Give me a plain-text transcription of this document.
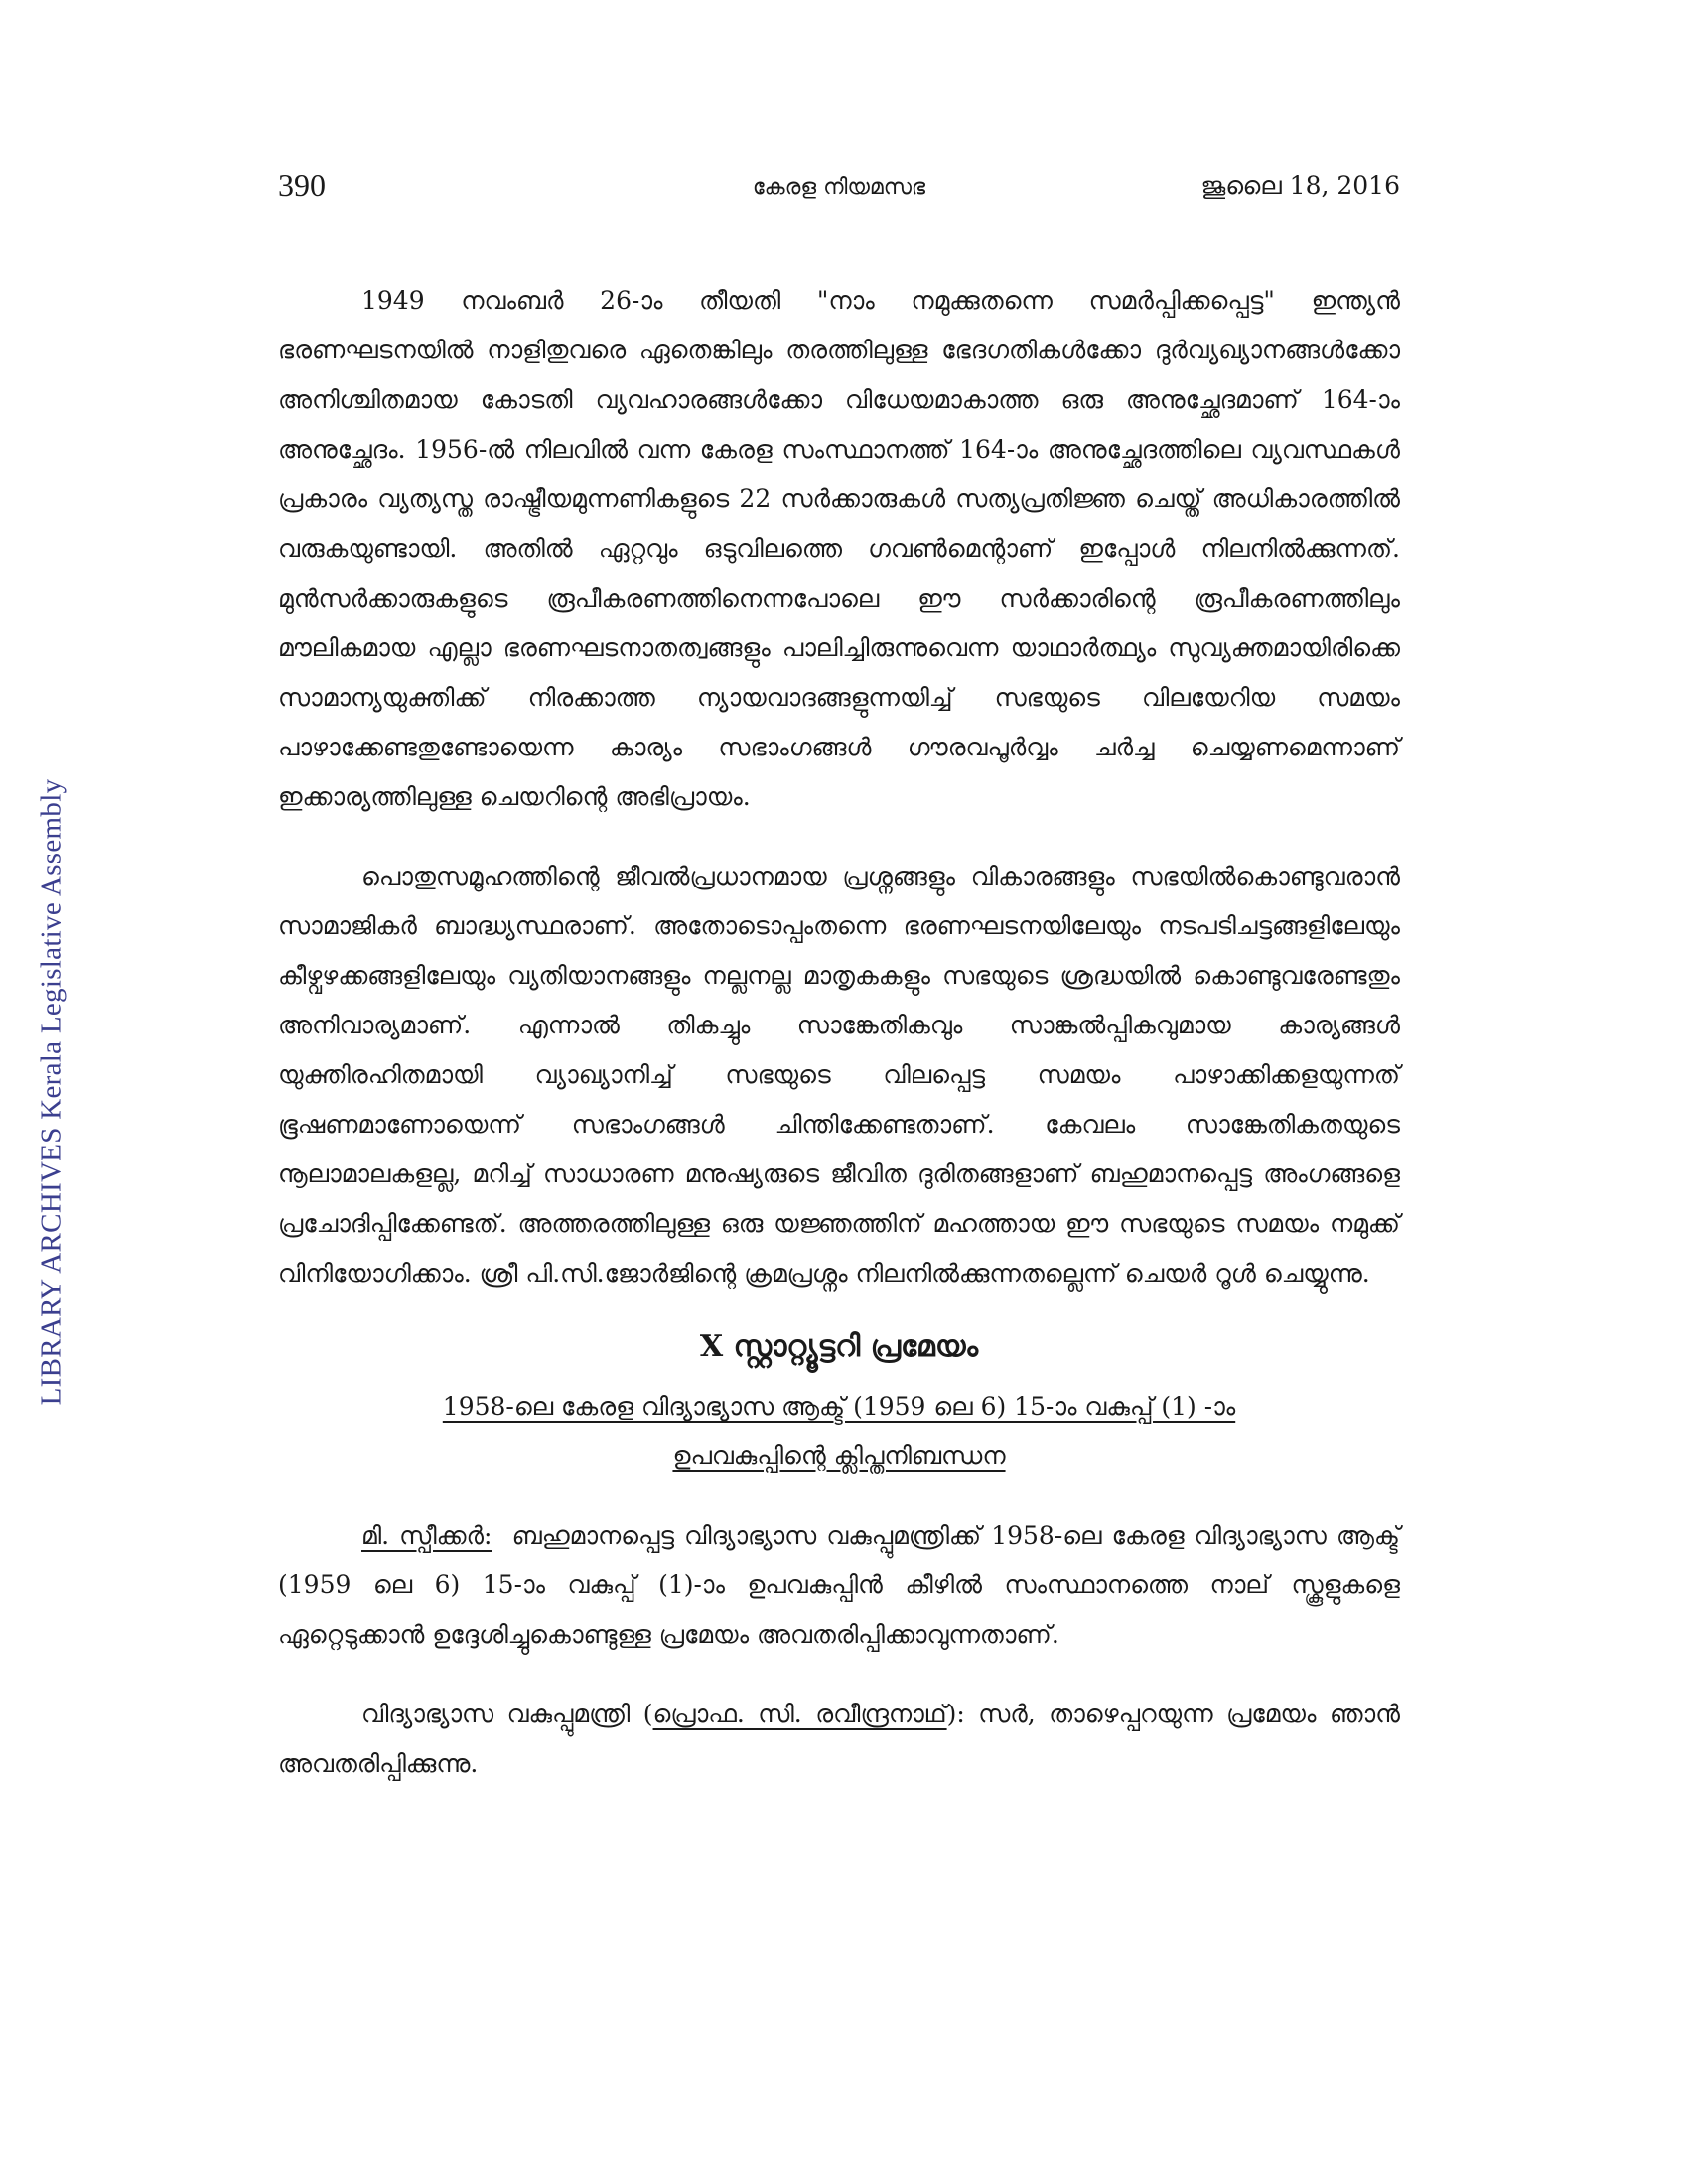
LIBRARY ARCHIVES Kerala Legislative Assembly
390	കേരള നിയമസഭ	ജൂലൈ 18, 2016

1949 നവംബർ 26-ാം തീയതി "നാം നമുക്കുതന്നെ സമർപ്പിക്കപ്പെട്ട" ഇന്ത്യൻ ഭരണഘടനയിൽ നാളിതുവരെ ഏതെങ്കിലും തരത്തിലുള്ള ഭേദഗതികൾക്കോ ദുർവ്യഖ്യാനങ്ങൾക്കോ അനിശ്ചിതമായ കോടതി വ്യവഹാരങ്ങൾക്കോ വിധേയമാകാത്ത ഒരു അനുച്ഛേദമാണ് 164-ാം അനുച്ഛേദം. 1956-ൽ നിലവിൽ വന്ന കേരള സംസ്ഥാനത്ത് 164-ാം അനുച്ഛേദത്തിലെ വ്യവസ്ഥകൾ പ്രകാരം വ്യത്യസ്ത രാഷ്ട്രീയമുന്നണികളുടെ 22 സർക്കാരുകൾ സത്യപ്രതിജ്ഞ ചെയ്ത് അധികാരത്തിൽ വരുകയുണ്ടായി. അതിൽ ഏറ്റവും ഒടുവിലത്തെ ഗവൺമെന്റാണ് ഇപ്പോൾ നിലനിൽക്കുന്നത്. മുൻസർക്കാരുകളുടെ രൂപീകരണത്തിനെന്നപോലെ ഈ സർക്കാരിന്റെ രൂപീകരണത്തിലും മൗലികമായ എല്ലാ ഭരണഘടനാതത്വങ്ങളും പാലിച്ചിരുന്നുവെന്ന യാഥാർത്ഥ്യം സുവ്യക്തമായിരിക്കെ സാമാന്യയുക്തിക്ക് നിരക്കാത്ത ന്യായവാദങ്ങളുന്നയിച്ച് സഭയുടെ വിലയേറിയ സമയം പാഴാക്കേണ്ടതുണ്ടോയെന്ന കാര്യം സഭാംഗങ്ങൾ ഗൗരവപൂർവ്വം ചർച്ച ചെയ്യണമെന്നാണ് ഇക്കാര്യത്തിലുള്ള ചെയറിന്റെ അഭിപ്രായം.

പൊതുസമൂഹത്തിന്റെ ജീവൽപ്രധാനമായ പ്രശ്നങ്ങളും വികാരങ്ങളും സഭയിൽകൊണ്ടുവരാൻ സാമാജികർ ബാദ്ധ്യസ്ഥരാണ്. അതോടൊപ്പംതന്നെ ഭരണഘടനയിലേയും നടപടിചട്ടങ്ങളിലേയും കീഴ്വഴക്കങ്ങളിലേയും വ്യതിയാനങ്ങളും നല്ലനല്ല മാതൃകകളും സഭയുടെ ശ്രദ്ധയിൽ കൊണ്ടുവരേണ്ടതും അനിവാര്യമാണ്. എന്നാൽ തികച്ചും സാങ്കേതികവും സാങ്കൽപ്പികവുമായ കാര്യങ്ങൾ യുക്തിരഹിതമായി വ്യാഖ്യാനിച്ച് സഭയുടെ വിലപ്പെട്ട സമയം പാഴാക്കിക്കളയുന്നത് ഭൂഷണമാണോയെന്ന് സഭാംഗങ്ങൾ ചിന്തിക്കേണ്ടതാണ്. കേവലം സാങ്കേതികതയുടെ നൂലാമാലകളല്ല, മറിച്ച് സാധാരണ മനുഷ്യരുടെ ജീവിത ദുരിതങ്ങളാണ് ബഹുമാനപ്പെട്ട അംഗങ്ങളെ പ്രചോദിപ്പിക്കേണ്ടത്. അത്തരത്തിലുള്ള ഒരു യജ്ഞത്തിന് മഹത്തായ ഈ സഭയുടെ സമയം നമുക്ക് വിനിയോഗിക്കാം. ശ്രീ പി.സി.ജോർജിന്റെ ക്രമപ്രശ്നം നിലനിൽക്കുന്നതല്ലെന്ന് ചെയർ റൂൾ ചെയ്യുന്നു.

X സ്റ്റാറ്റ്യൂട്ടറി പ്രമേയം
1958-ലെ കേരള വിദ്യാഭ്യാസ ആക്ട് (1959 ലെ 6) 15-ാം വകുപ്പ് (1) -ാം
ഉപവകുപ്പിന്റെ ക്ലിപ്തനിബന്ധന

മി. സ്പീക്കർ: ബഹുമാനപ്പെട്ട വിദ്യാഭ്യാസ വകുപ്പുമന്ത്രിക്ക് 1958-ലെ കേരള വിദ്യാഭ്യാസ ആക്ട് (1959 ലെ 6) 15-ാം വകുപ്പ് (1)-ാം ഉപവകുപ്പിൻ കീഴിൽ സംസ്ഥാനത്തെ നാല് സ്കൂളുകളെ ഏറ്റെടുക്കാൻ ഉദ്ദേശിച്ചുകൊണ്ടുള്ള പ്രമേയം അവതരിപ്പിക്കാവുന്നതാണ്.

വിദ്യാഭ്യാസ വകുപ്പുമന്ത്രി (പ്രൊഫ. സി. രവീന്ദ്രനാഥ്): സർ, താഴെപ്പറയുന്ന പ്രമേയം ഞാൻ അവതരിപ്പിക്കുന്നു.
